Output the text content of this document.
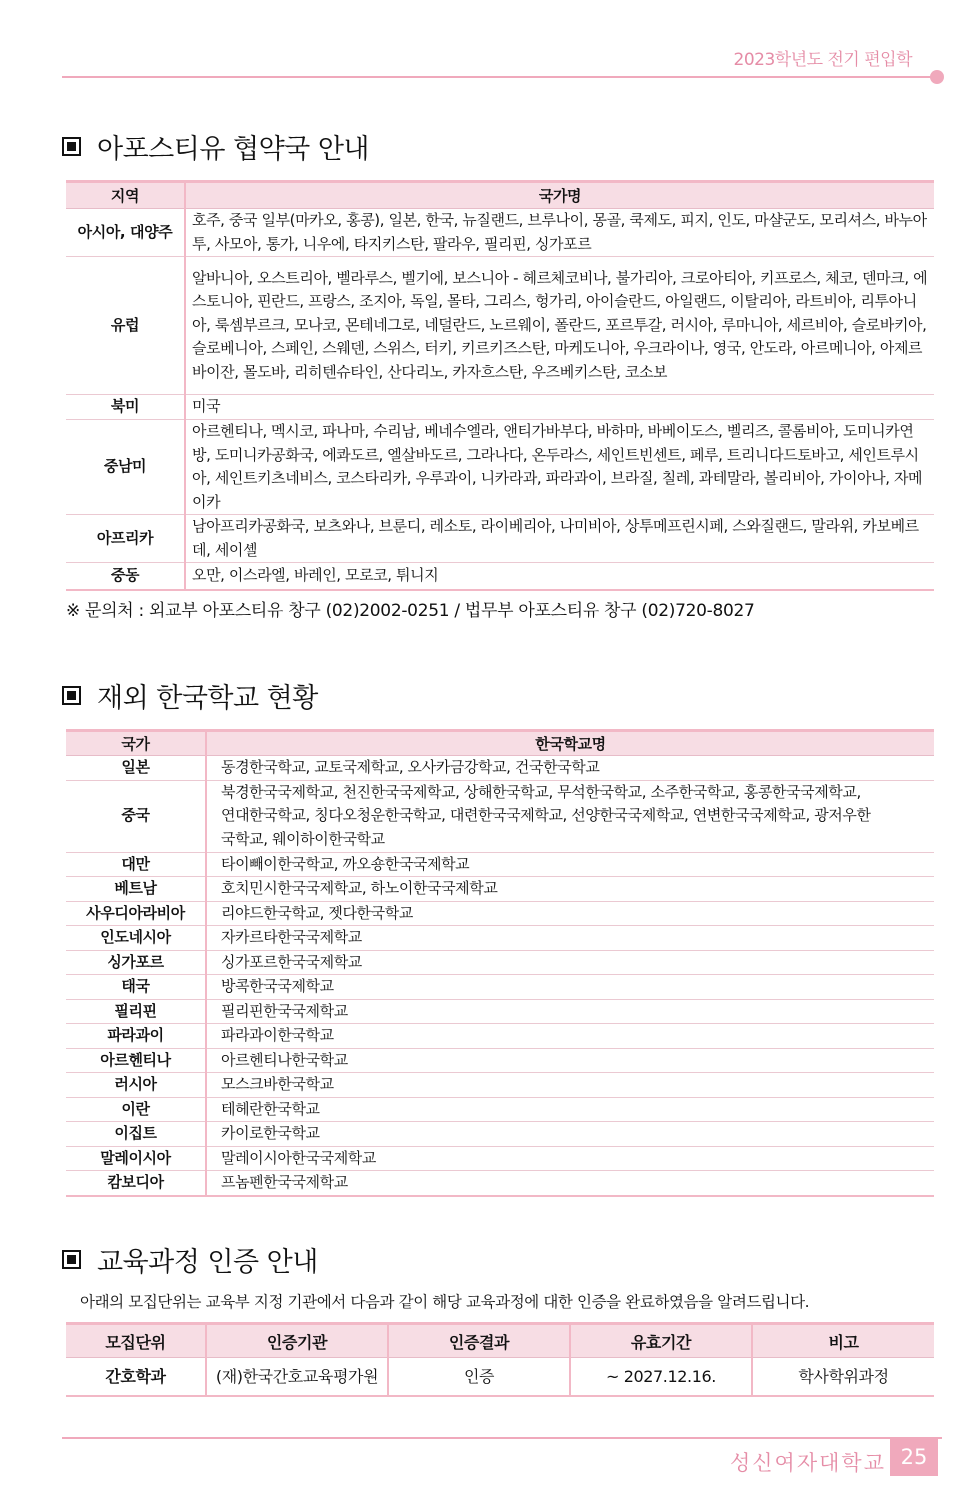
2023학년도 전기 편입학
아포스티유 협약국 안내
지역	국가명
아시아, 대양주	호주, 중국 일부(마카오, 홍콩), 일본, 한국, 뉴질랜드, 브루나이, 몽골, 쿡제도, 피지, 인도, 마샬군도, 모리셔스, 바누아투, 사모아, 통가, 니우에, 타지키스탄, 팔라우, 필리핀, 싱가포르
유럽	알바니아, 오스트리아, 벨라루스, 벨기에, 보스니아 - 헤르체코비나, 불가리아, 크로아티아, 키프로스, 체코, 덴마크, 에스토니아, 핀란드, 프랑스, 조지아, 독일, 몰타, 그리스, 헝가리, 아이슬란드, 아일랜드, 이탈리아, 라트비아, 리투아니아, 룩셈부르크, 모나코, 몬테네그로, 네덜란드, 노르웨이, 폴란드, 포르투갈, 러시아, 루마니아, 세르비아, 슬로바키아, 슬로베니아, 스페인, 스웨덴, 스위스, 터키, 키르키즈스탄, 마케도니아, 우크라이나, 영국, 안도라, 아르메니아, 아제르바이잔, 몰도바, 리히텐슈타인, 산다리노, 카자흐스탄, 우즈베키스탄, 코소보
북미	미국
중남미	아르헨티나, 멕시코, 파나마, 수리남, 베네수엘라, 앤티가바부다, 바하마, 바베이도스, 벨리즈, 콜롬비아, 도미니카연방, 도미니카공화국, 에콰도르, 엘살바도르, 그라나다, 온두라스, 세인트빈센트, 페루, 트리니다드토바고, 세인트루시아, 세인트키츠네비스, 코스타리카, 우루과이, 니카라과, 파라과이, 브라질, 칠레, 과테말라, 볼리비아, 가이아나, 자메이카
아프리카	남아프리카공화국, 보츠와나, 브룬디, 레소토, 라이베리아, 나미비아, 상투메프린시페, 스와질랜드, 말라위, 카보베르데, 세이셸
중동	오만, 이스라엘, 바레인, 모로코, 튀니지
※ 문의처 : 외교부 아포스티유 창구 (02)2002-0251 / 법무부 아포스티유 창구 (02)720-8027
재외 한국학교 현황
국가	한국학교명
일본	동경한국학교, 교토국제학교, 오사카금강학교, 건국한국학교
중국	북경한국국제학교, 천진한국국제학교, 상해한국학교, 무석한국학교, 소주한국학교, 홍콩한국국제학교, 연대한국학교, 칭다오청운한국학교, 대련한국국제학교, 선양한국국제학교, 연변한국국제학교, 광저우한국학교, 웨이하이한국학교
대만	타이빼이한국학교, 까오숑한국국제학교
베트남	호치민시한국국제학교, 하노이한국국제학교
사우디아라비아	리야드한국학교, 젯다한국학교
인도네시아	자카르타한국국제학교
싱가포르	싱가포르한국국제학교
태국	방콕한국국제학교
필리핀	필리핀한국국제학교
파라과이	파라과이한국학교
아르헨티나	아르헨티나한국학교
러시아	모스크바한국학교
이란	테헤란한국학교
이집트	카이로한국학교
말레이시아	말레이시아한국국제학교
캄보디아	프놈펜한국국제학교
교육과정 인증 안내
아래의 모집단위는 교육부 지정 기관에서 다음과 같이 해당 교육과정에 대한 인증을 완료하였음을 알려드립니다.
모집단위	인증기관	인증결과	유효기간	비고
간호학과	(재)한국간호교육평가원	인증	~ 2027.12.16.	학사학위과정
성신여자대학교 25
